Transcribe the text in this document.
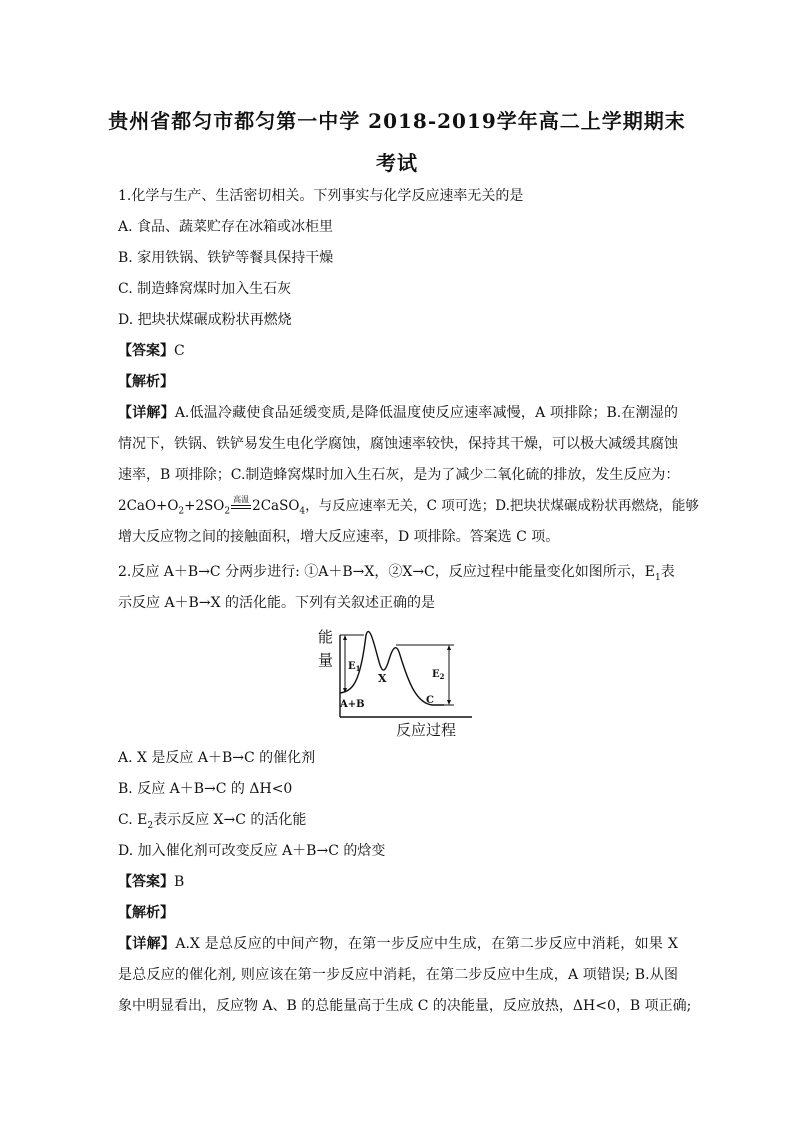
贵州省都匀市都匀第一中学 2018-2019学年高二上学期期末
考试
1.化学与生产、生活密切相关。下列事实与化学反应速率无关的是
A. 食品、蔬菜贮存在冰箱或冰柜里
B. 家用铁锅、铁铲等餐具保持干燥
C. 制造蜂窝煤时加入生石灰
D. 把块状煤碾成粉状再燃烧
【答案】C
【解析】
【详解】A.低温冷藏使食品延缓变质,是降低温度使反应速率减慢，A 项排除；B.在潮湿的
情况下，铁锅、铁铲易发生电化学腐蚀，腐蚀速率较快，保持其干燥，可以极大减缓其腐蚀
速率，B 项排除；C.制造蜂窝煤时加入生石灰，是为了减少二氧化硫的排放，发生反应为：
$2CaO+O_2+2SO_2$
高温 2CaSO$_4$，与反应速率无关，C 项可选；D.把块状煤碾成粉状再燃烧，能够
增大反应物之间的接触面积，增大反应速率，D 项排除。答案选 C 项。
2.反应 A＋B→C 分两步进行: ①A＋B→X，②X→C，反应过程中能量变化如图所示，$E_1$表
示反应 A＋B→X 的活化能。下列有关叙述正确的是
能
量 $E_1$
$E_2$
A+B
X
C
反应过程
A. X 是反应 A＋B→C 的催化剂
B. 反应 A＋B→C 的 ΔH<0
C. $E_2$表示反应 X→C 的活化能
D. 加入催化剂可改变反应 A＋B→C 的焓变
【答案】B
【解析】
【详解】A.X 是总反应的中间产物，在第一步反应中生成，在第二步反应中消耗，如果 X
是总反应的催化剂, 则应该在第一步反应中消耗，在第二步反应中生成，A 项错误; B.从图
象中明显看出，反应物 A、B 的总能量高于生成 C 的决能量，反应放热，ΔH<0，B 项正确;
